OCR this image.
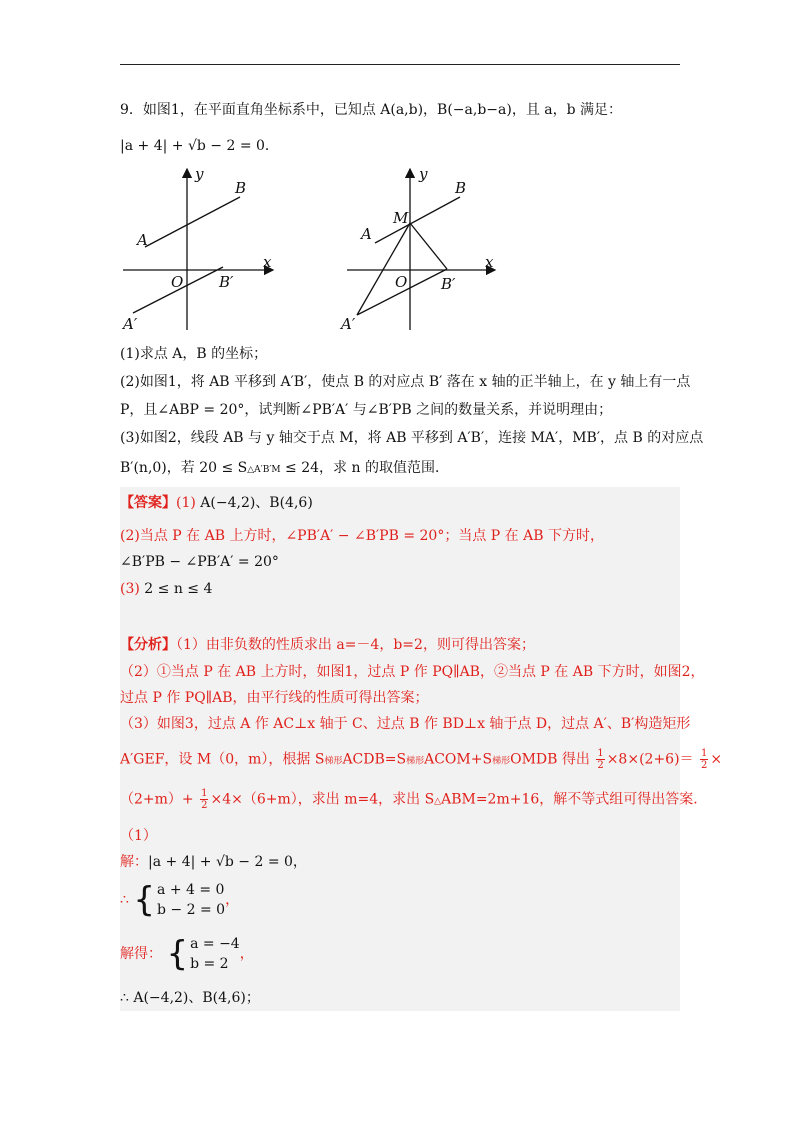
9．如图1，在平面直角坐标系中，已知点 A(a,b)，B(−a,b−a)，且 a，b 满足：
|a + 4| + √b − 2 = 0．
y
x
B
A
O B′
A′
y
x
B
M
A
O B′
A′
(1)求点 A，B 的坐标；
(2)如图1，将 AB 平移到 A′B′，使点 B 的对应点 B′ 落在 x 轴的正半轴上，在 y 轴上有一点
P，且∠ABP = 20°，试判断∠PB′A′ 与∠B′PB 之间的数量关系，并说明理由；
(3)如图2，线段 AB 与 y 轴交于点 M，将 AB 平移到 A′B′，连接 MA′，MB′，点 B 的对应点
B′(n,0)，若 20 ≤ S△A′B′M ≤ 24，求 n 的取值范围．
【答案】(1) A(−4,2)、B(4,6)
(2)当点 P 在 AB 上方时，∠PB′A′ − ∠B′PB = 20°；当点 P 在 AB 下方时，
∠B′PB − ∠PB′A′ = 20°
(3) 2 ≤ n ≤ 4
【分析】（1）由非负数的性质求出 a=－4，b=2，则可得出答案；
（2）①当点 P 在 AB 上方时，如图1，过点 P 作 PQ∥AB，②当点 P 在 AB 下方时，如图2，
过点 P 作 PQ∥AB，由平行线的性质可得出答案；
（3）如图3，过点 A 作 AC⊥x 轴于 C、过点 B 作 BD⊥x 轴于点 D，过点 A′、B′构造矩形
A′GEF，设 M（0，m），根据 S梯形ACDB=S梯形ACOM+S梯形OMDB 得出 $\frac{1}{2} \times 8\times(2+6)= \frac{1}{2}$ ×
$(2+m)+ \frac{1}{2} \times 4\times(6+m)$，求出 m=4，求出 S△ABM=2m+16，解不等式组可得出答案．
（1）
解：|a + 4| + √b − 2 = 0，
∴ { a + 4 = 0
b − 2 = 0
，
解得： { a = −4
b = 2
，
∴ A(−4,2)、B(4,6)；
